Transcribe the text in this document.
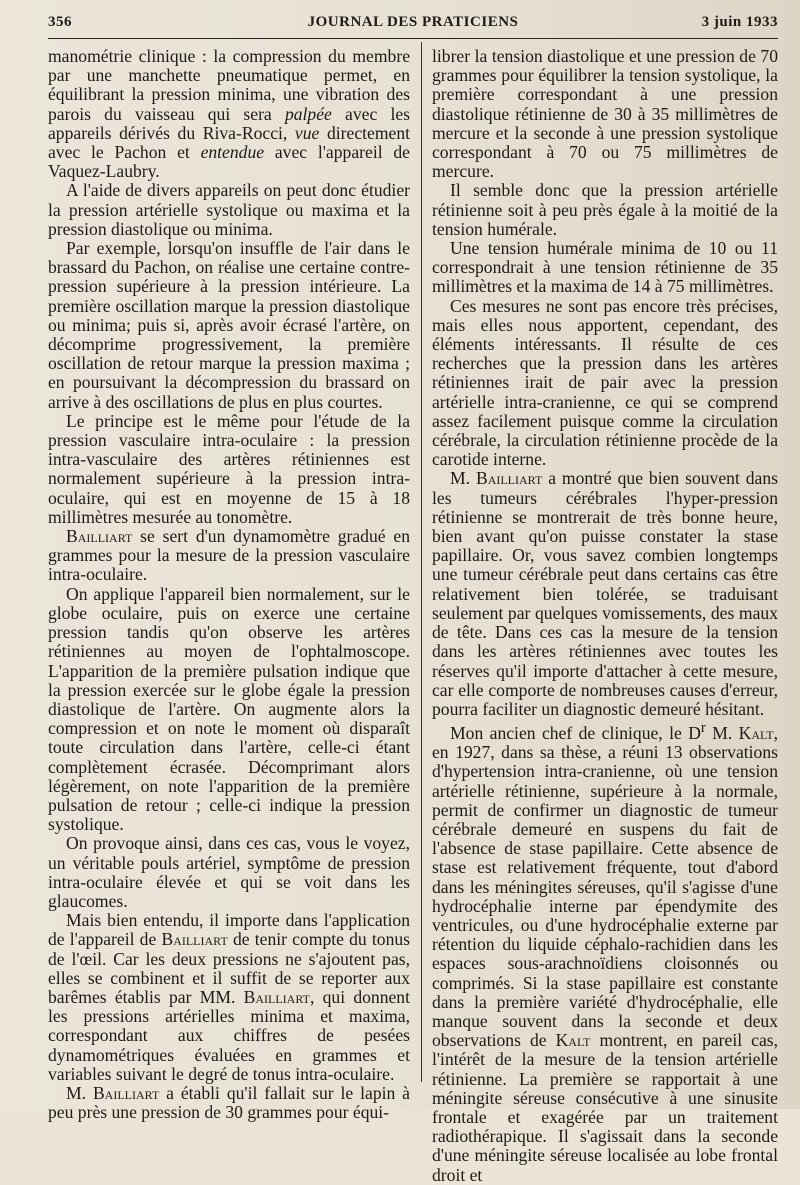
356	JOURNAL DES PRATICIENS	3 juin 1933

manométrie clinique : la compression du membre par une manchette pneumatique permet, en équilibrant la pression minima, une vibration des parois du vaisseau qui sera palpée avec les appareils dérivés du Riva-Rocci, vue directement avec le Pachon et entendue avec l'appareil de Vaquez-Laubry.

A l'aide de divers appareils on peut donc étudier la pression artérielle systolique ou maxima et la pression diastolique ou minima.

Par exemple, lorsqu'on insuffle de l'air dans le brassard du Pachon, on réalise une certaine contre-pression supérieure à la pression intérieure. La première oscillation marque la pression diastolique ou minima; puis si, après avoir écrasé l'artère, on décomprime progressivement, la première oscillation de retour marque la pression maxima ; en poursuivant la décompression du brassard on arrive à des oscillations de plus en plus courtes.

Le principe est le même pour l'étude de la pression vasculaire intra-oculaire : la pression intra-vasculaire des artères rétiniennes est normalement supérieure à la pression intra-oculaire, qui est en moyenne de 15 à 18 millimètres mesurée au tonomètre.

Bailliart se sert d'un dynamomètre gradué en grammes pour la mesure de la pression vasculaire intra-oculaire.

On applique l'appareil bien normalement, sur le globe oculaire, puis on exerce une certaine pression tandis qu'on observe les artères rétiniennes au moyen de l'ophtalmoscope. L'apparition de la première pulsation indique que la pression exercée sur le globe égale la pression diastolique de l'artère. On augmente alors la compression et on note le moment où disparaît toute circulation dans l'artère, celle-ci étant complètement écrasée. Décomprimant alors légèrement, on note l'apparition de la première pulsation de retour ; celle-ci indique la pression systolique.

On provoque ainsi, dans ces cas, vous le voyez, un véritable pouls artériel, symptôme de pression intra-oculaire élevée et qui se voit dans les glaucomes.

Mais bien entendu, il importe dans l'application de l'appareil de Bailliart de tenir compte du tonus de l'œil. Car les deux pressions ne s'ajoutent pas, elles se combinent et il suffit de se reporter aux barêmes établis par MM. Bailliart, qui donnent les pressions artérielles minima et maxima, correspondant aux chiffres de pesées dynamométriques évaluées en grammes et variables suivant le degré de tonus intra-oculaire.

M. Bailliart a établi qu'il fallait sur le lapin à peu près une pression de 30 grammes pour équi-

librer la tension diastolique et une pression de 70 grammes pour équilibrer la tension systolique, la première correspondant à une pression diastolique rétinienne de 30 à 35 millimètres de mercure et la seconde à une pression systolique correspondant à 70 ou 75 millimètres de mercure.

Il semble donc que la pression artérielle rétinienne soit à peu près égale à la moitié de la tension humérale.

Une tension humérale minima de 10 ou 11 correspondrait à une tension rétinienne de 35 millimètres et la maxima de 14 à 75 millimètres.

Ces mesures ne sont pas encore très précises, mais elles nous apportent, cependant, des éléments intéressants. Il résulte de ces recherches que la pression dans les artères rétiniennes irait de pair avec la pression artérielle intra-cranienne, ce qui se comprend assez facilement puisque comme la circulation cérébrale, la circulation rétinienne procède de la carotide interne.

M. Bailliart a montré que bien souvent dans les tumeurs cérébrales l'hyper-pression rétinienne se montrerait de très bonne heure, bien avant qu'on puisse constater la stase papillaire. Or, vous savez combien longtemps une tumeur cérébrale peut dans certains cas être relativement bien tolérée, se traduisant seulement par quelques vomissements, des maux de tête. Dans ces cas la mesure de la tension dans les artères rétiniennes avec toutes les réserves qu'il importe d'attacher à cette mesure, car elle comporte de nombreuses causes d'erreur, pourra faciliter un diagnostic demeuré hésitant.

Mon ancien chef de clinique, le $D^r$ M. Kalt, en 1927, dans sa thèse, a réuni 13 observations d'hypertension intra-cranienne, où une tension artérielle rétinienne, supérieure à la normale, permit de confirmer un diagnostic de tumeur cérébrale demeuré en suspens du fait de l'absence de stase papillaire. Cette absence de stase est relativement fréquente, tout d'abord dans les méningites séreuses, qu'il s'agisse d'une hydrocéphalie interne par épendymite des ventricules, ou d'une hydrocéphalie externe par rétention du liquide céphalo-rachidien dans les espaces sous-arachnoïdiens cloisonnés ou comprimés. Si la stase papillaire est constante dans la première variété d'hydrocéphalie, elle manque souvent dans la seconde et deux observations de Kalt montrent, en pareil cas, l'intérêt de la mesure de la tension artérielle rétinienne. La première se rapportait à une méningite séreuse consécutive à une sinusite frontale et exagérée par un traitement radiothérapique. Il s'agissait dans la seconde d'une méningite séreuse localisée au lobe frontal droit et
